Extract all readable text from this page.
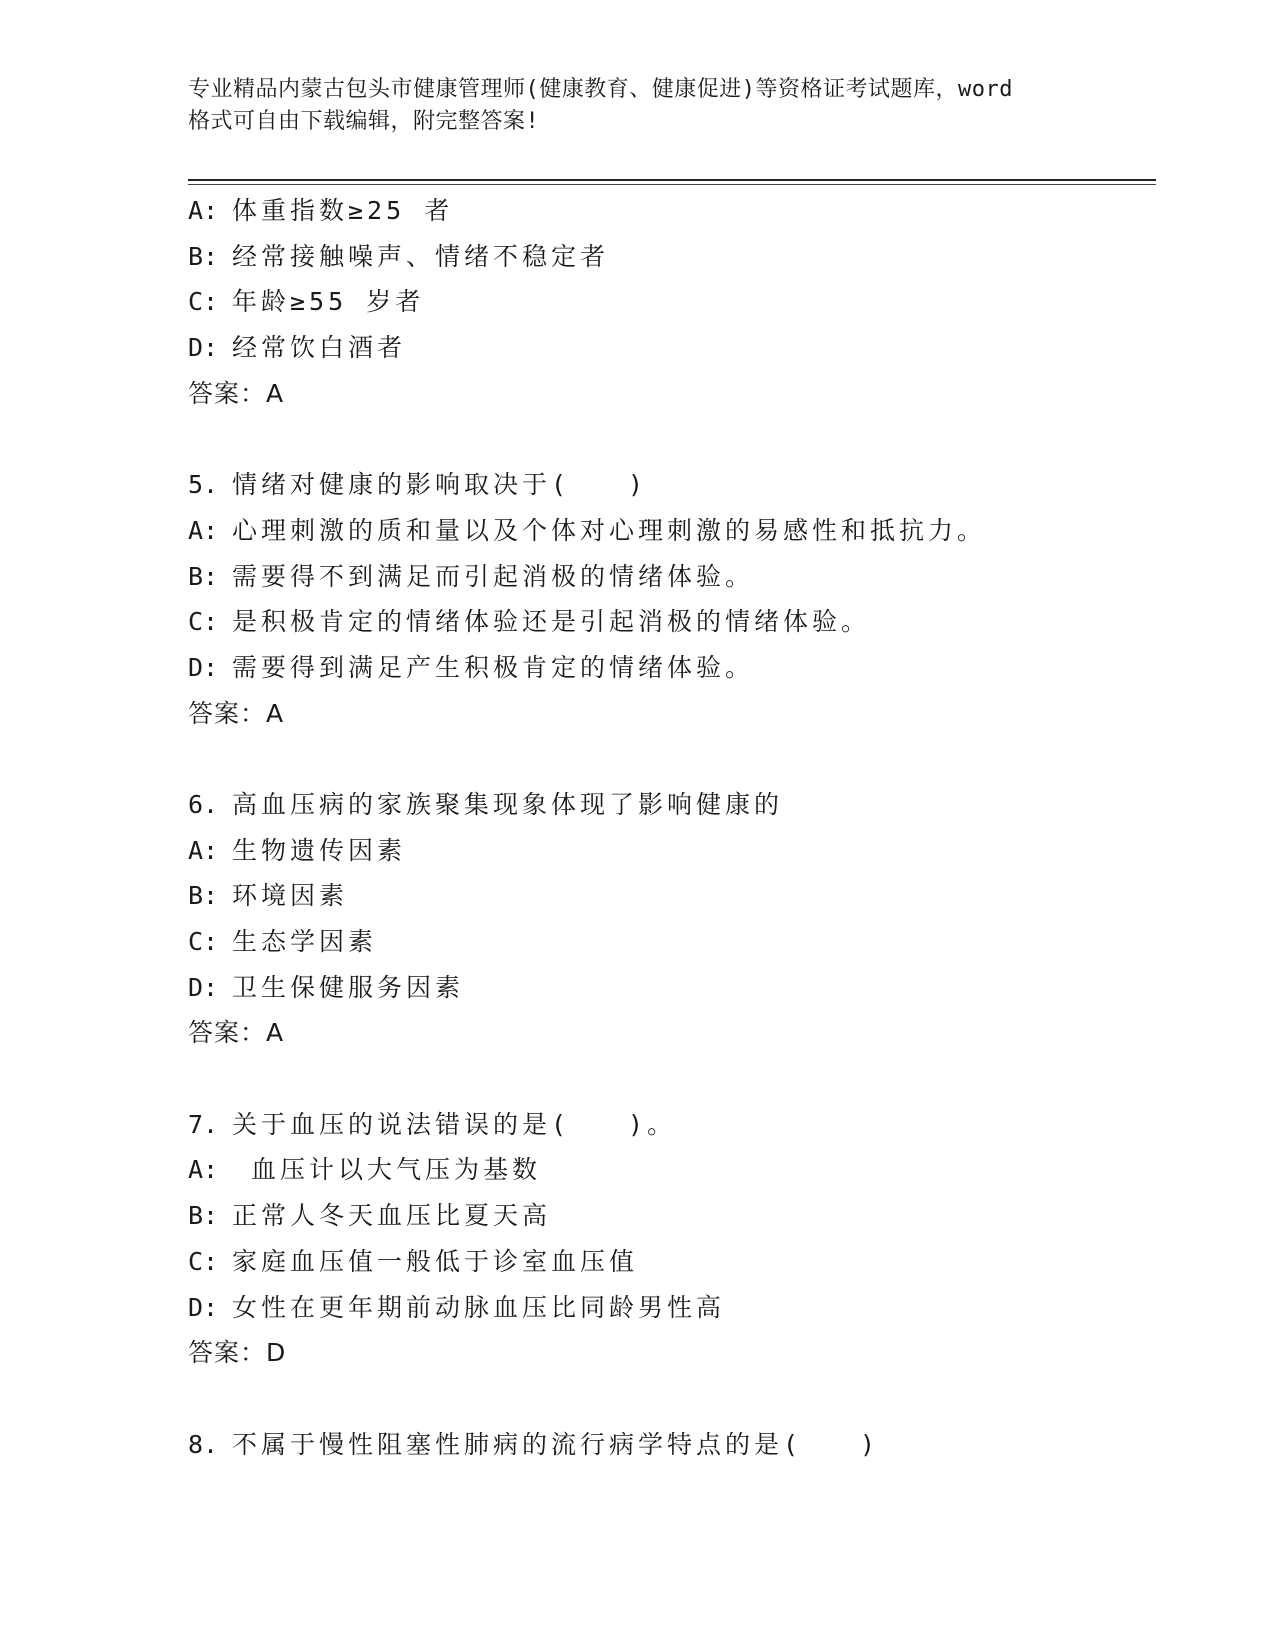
专业精品内蒙古包头市健康管理师(健康教育、健康促进)等资格证考试题库，word
格式可自由下载编辑，附完整答案!
A: 体重指数≥25 者
B: 经常接触噪声、情绪不稳定者
C: 年龄≥55 岁者
D: 经常饮白酒者
答案：A
5. 情绪对健康的影响取决于(　　)
A: 心理刺激的质和量以及个体对心理刺激的易感性和抵抗力。
B: 需要得不到满足而引起消极的情绪体验。
C: 是积极肯定的情绪体验还是引起消极的情绪体验。
D: 需要得到满足产生积极肯定的情绪体验。
答案：A
6. 高血压病的家族聚集现象体现了影响健康的
A: 生物遗传因素
B: 环境因素
C: 生态学因素
D: 卫生保健服务因素
答案：A
7. 关于血压的说法错误的是(　　)。
A: 血压计以大气压为基数
B: 正常人冬天血压比夏天高
C: 家庭血压值一般低于诊室血压值
D: 女性在更年期前动脉血压比同龄男性高
答案：D
8. 不属于慢性阻塞性肺病的流行病学特点的是(　　)
